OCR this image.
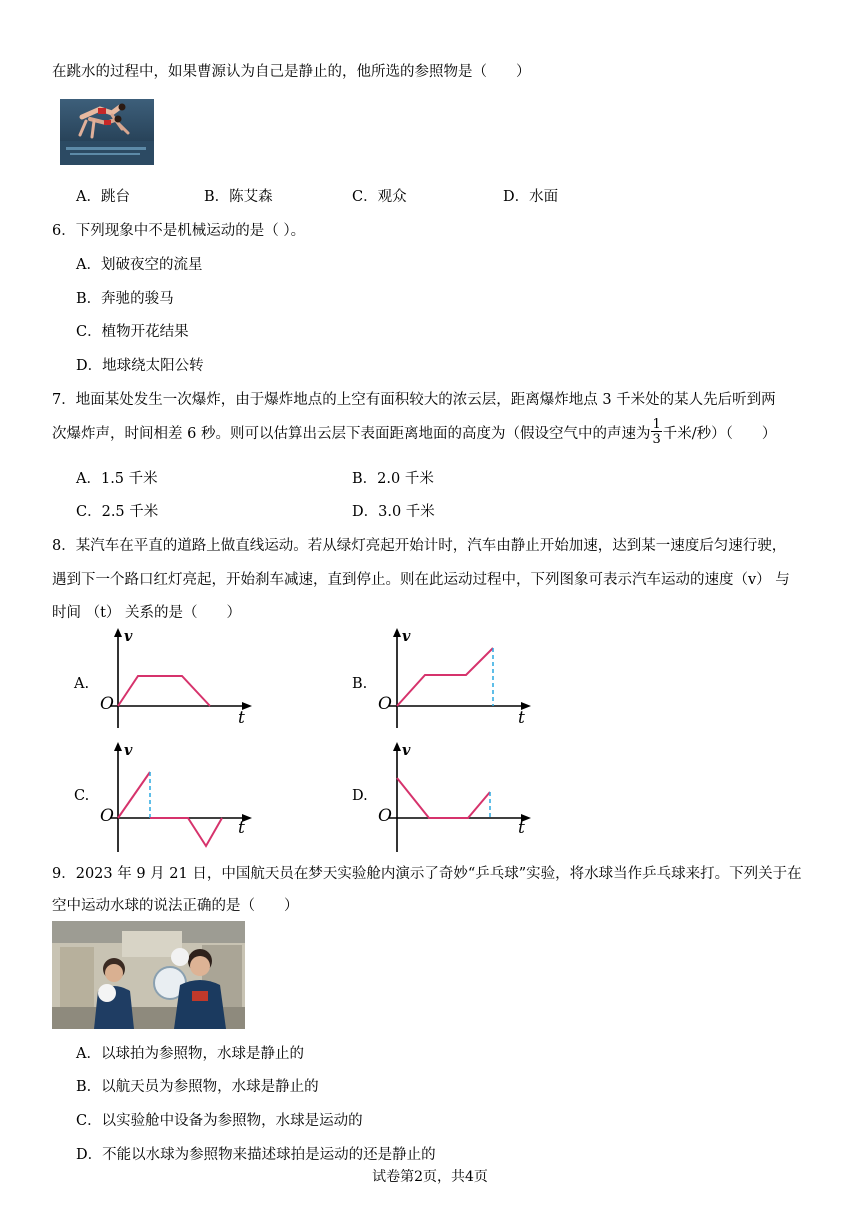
在跳水的过程中，如果曹源认为自己是静止的，他所选的参照物是（　　）
A．跳台	B．陈艾森	C．观众	D．水面
6．下列现象中不是机械运动的是（ ）。
A．划破夜空的流星
B．奔驰的骏马
C．植物开花结果
D．地球绕太阳公转
7．地面某处发生一次爆炸，由于爆炸地点的上空有面积较大的浓云层，距离爆炸地点 3 千米处的某人先后听到两
次爆炸声，时间相差 6 秒。则可以估算出云层下表面距离地面的高度为（假设空气中的声速为 $\frac{1}{3}$ 千米/秒）（　　）
A．1.5 千米	B．2.0 千米
C．2.5 千米	D．3.0 千米
8．某汽车在平直的道路上做直线运动。若从绿灯亮起开始计时，汽车由静止开始加速，达到某一速度后匀速行驶，
遇到下一个路口红灯亮起，开始刹车减速，直到停止。则在此运动过程中，下列图象可表示汽车运动的速度（v） 与
时间 （t） 关系的是（　　）
A.
v
O
t
B.
v
O
t
C.
v
O
t
D.
v
O
t
9．2023 年 9 月 21 日，中国航天员在梦天实验舱内演示了奇妙“乒乓球”实验，将水球当作乒乓球来打。下列关于在
空中运动水球的说法正确的是（　　）
A．以球拍为参照物，水球是静止的
B．以航天员为参照物，水球是静止的
C．以实验舱中设备为参照物，水球是运动的
D．不能以水球为参照物来描述球拍是运动的还是静止的
试卷第2页，共4页
